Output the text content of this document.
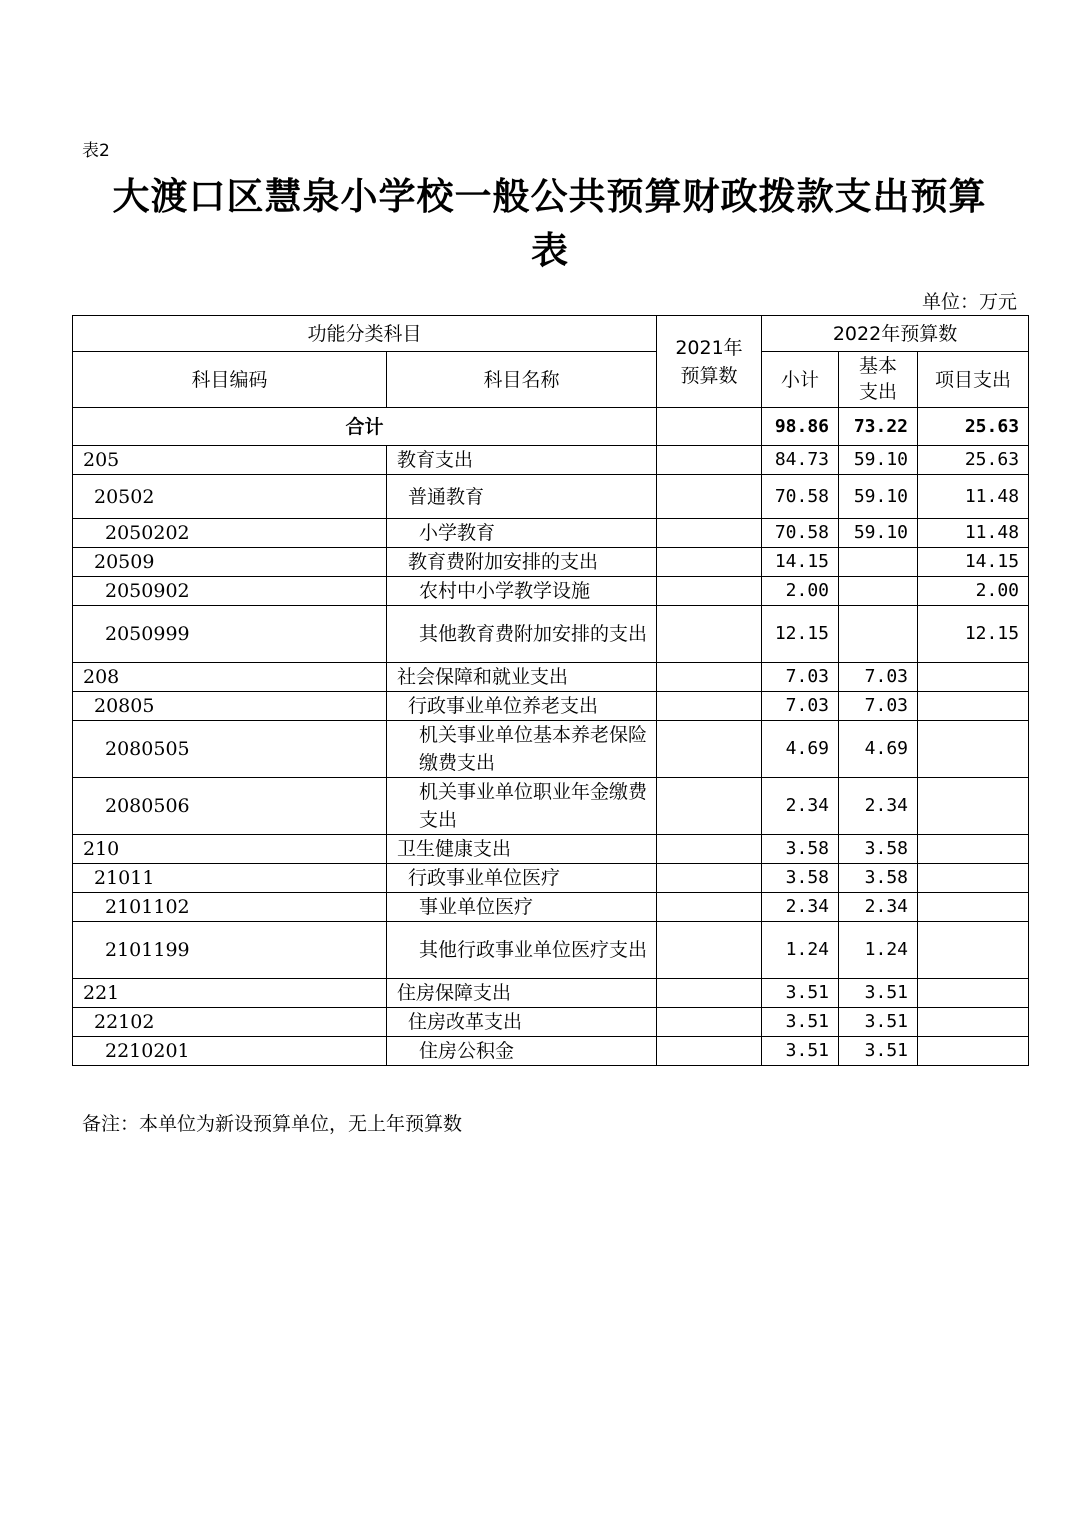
表2
大渡口区慧泉小学校一般公共预算财政拨款支出预算
表
单位：万元
功能分类科目		2021年预算数	2022年预算数		
科目编码	科目名称		小计	基本支出	项目支出
合计			98.86	73.22	25.63
205	教育支出		84.73	59.10	25.63
20502	普通教育		70.58	59.10	11.48
2050202	小学教育		70.58	59.10	11.48
20509	教育费附加安排的支出		14.15		14.15
2050902	农村中小学教学设施		2.00		2.00
2050999	其他教育费附加安排的支出		12.15		12.15
208	社会保障和就业支出		7.03	7.03	
20805	行政事业单位养老支出		7.03	7.03	
2080505	机关事业单位基本养老保险缴费支出		4.69	4.69	
2080506	机关事业单位职业年金缴费支出		2.34	2.34	
210	卫生健康支出		3.58	3.58	
21011	行政事业单位医疗		3.58	3.58	
2101102	事业单位医疗		2.34	2.34	
2101199	其他行政事业单位医疗支出		1.24	1.24	
221	住房保障支出		3.51	3.51	
22102	住房改革支出		3.51	3.51	
2210201	住房公积金		3.51	3.51	
备注：本单位为新设预算单位，无上年预算数
